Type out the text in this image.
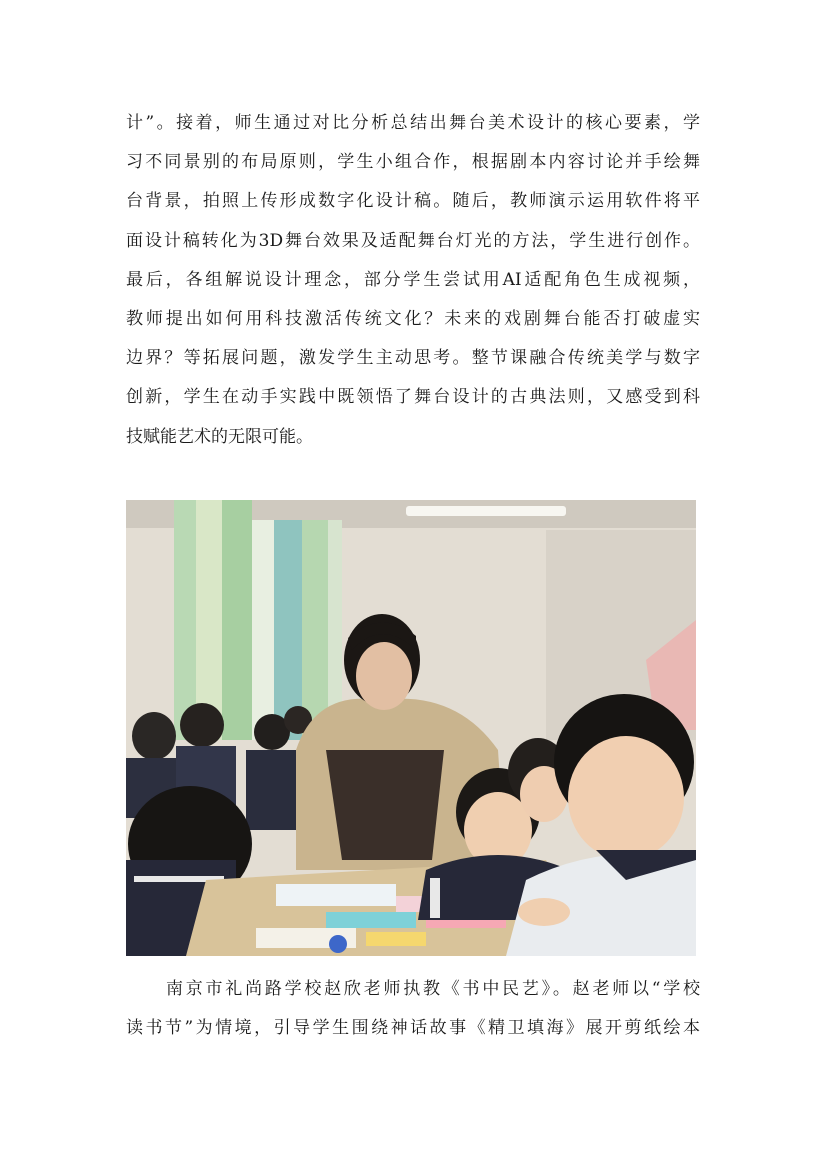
计”。接着，师生通过对比分析总结出舞台美术设计的核心要素，学
习不同景别的布局原则，学生小组合作，根据剧本内容讨论并手绘舞
台背景，拍照上传形成数字化设计稿。随后，教师演示运用软件将平
面设计稿转化为3D舞台效果及适配舞台灯光的方法，学生进行创作。
最后，各组解说设计理念，部分学生尝试用AI适配角色生成视频，
教师提出如何用科技激活传统文化？未来的戏剧舞台能否打破虚实
边界？等拓展问题，激发学生主动思考。整节课融合传统美学与数字
创新，学生在动手实践中既领悟了舞台设计的古典法则，又感受到科
技赋能艺术的无限可能。
南京市礼尚路学校赵欣老师执教《书中民艺》。赵老师以“学校
读书节”为情境，引导学生围绕神话故事《精卫填海》展开剪纸绘本
